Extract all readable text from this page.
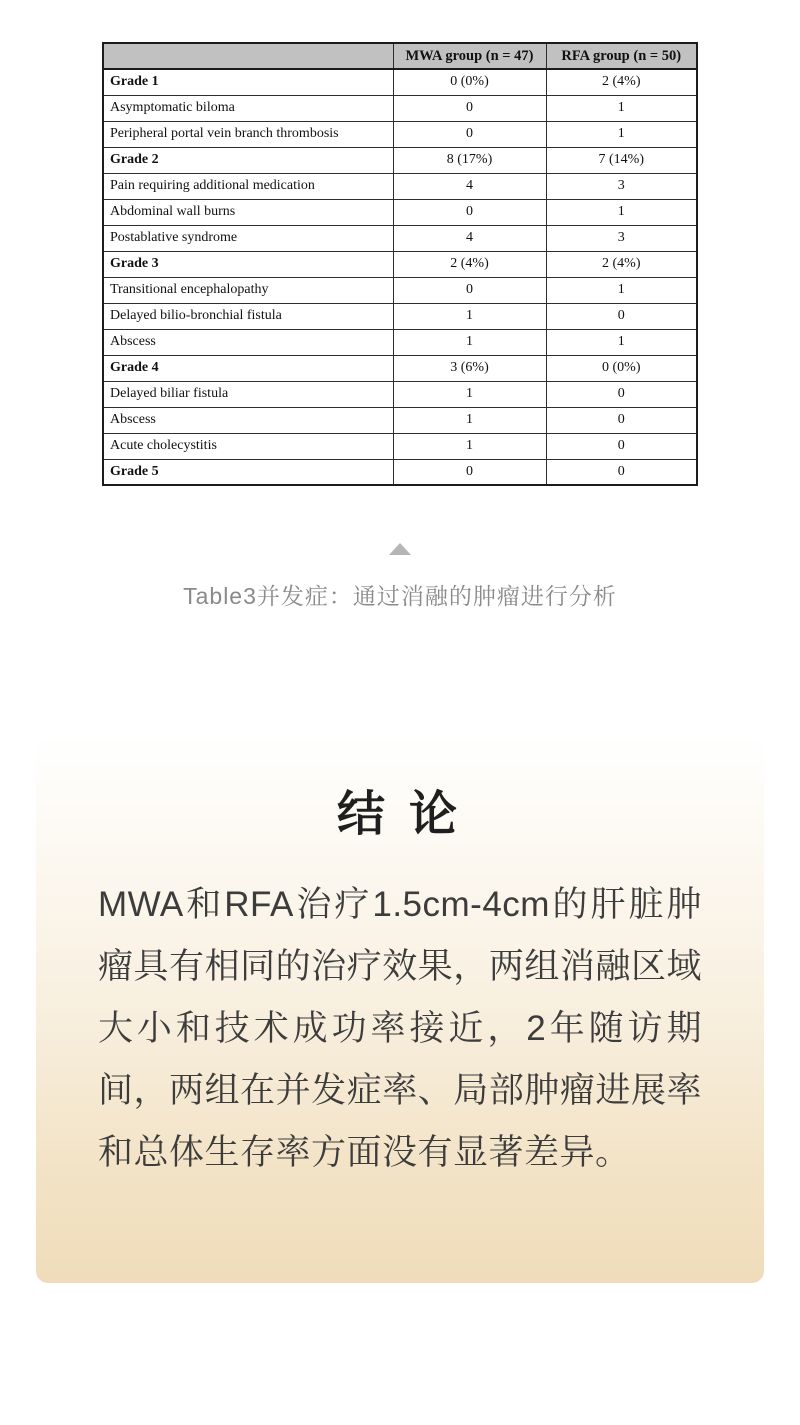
	MWA group (n = 47)	RFA group (n = 50)
Grade 1	0 (0%)	2 (4%)
Asymptomatic biloma	0	1
Peripheral portal vein branch thrombosis	0	1
Grade 2	8 (17%)	7 (14%)
Pain requiring additional medication	4	3
Abdominal wall burns	0	1
Postablative syndrome	4	3
Grade 3	2 (4%)	2 (4%)
Transitional encephalopathy	0	1
Delayed bilio-bronchial fistula	1	0
Abscess	1	1
Grade 4	3 (6%)	0 (0%)
Delayed biliar fistula	1	0
Abscess	1	0
Acute cholecystitis	1	0
Grade 5	0	0
Table3并发症：通过消融的肿瘤进行分析
结 论
MWA和RFA治疗1.5cm-4cm的肝脏肿瘤具有相同的治疗效果，两组消融区域大小和技术成功率接近，2年随访期间，两组在并发症率、局部肿瘤进展率和总体生存率方面没有显著差异。
